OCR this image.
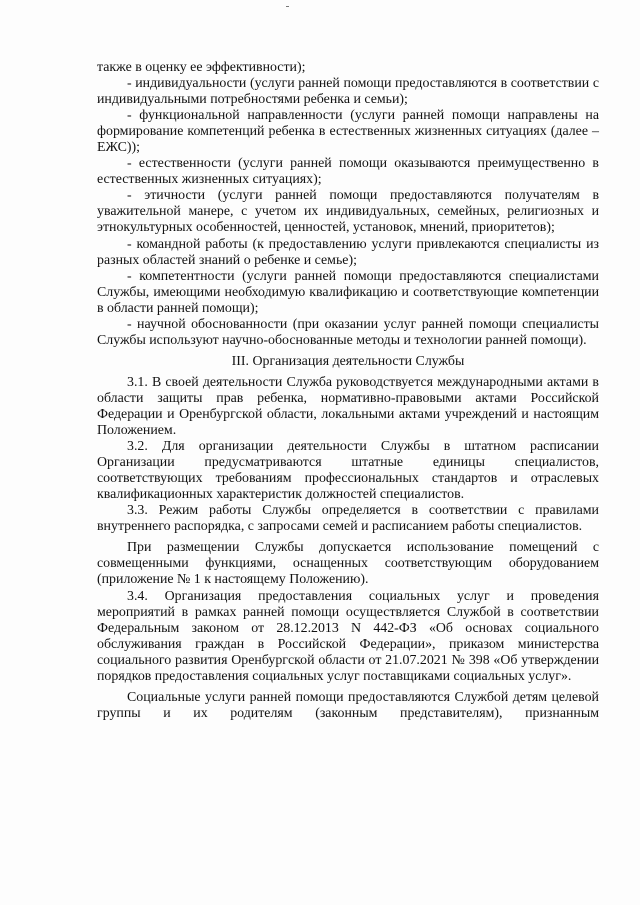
также в оценку ее эффективности);

- индивидуальности (услуги ранней помощи предоставляются в соответствии с индивидуальными потребностями ребенка и семьи);

- функциональной направленности (услуги ранней помощи направлены на формирование компетенций ребенка в естественных жизненных ситуациях (далее – ЕЖС));

- естественности (услуги ранней помощи оказываются преимущественно в естественных жизненных ситуациях);

- этичности (услуги ранней помощи предоставляются получателям в уважительной манере, с учетом их индивидуальных, семейных, религиозных и этнокультурных особенностей, ценностей, установок, мнений, приоритетов);

- командной работы (к предоставлению услуги привлекаются специалисты из разных областей знаний о ребенке и семье);

- компетентности (услуги ранней помощи предоставляются специалистами Службы, имеющими необходимую квалификацию и соответствующие компетенции в области ранней помощи);

- научной обоснованности (при оказании услуг ранней помощи специалисты Службы используют научно-обоснованные методы и технологии ранней помощи).

III. Организация деятельности Службы

3.1. В своей деятельности Служба руководствуется международными актами в области защиты прав ребенка, нормативно-правовыми актами Российской Федерации и Оренбургской области, локальными актами учреждений и настоящим Положением.

3.2. Для организации деятельности Службы в штатном расписании Организации предусматриваются штатные единицы специалистов, соответствующих требованиям профессиональных стандартов и отраслевых квалификационных характеристик должностей специалистов.

3.3. Режим работы Службы определяется в соответствии с правилами внутреннего распорядка, с запросами семей и расписанием работы специалистов.

При размещении Службы допускается использование помещений с совмещенными функциями, оснащенных соответствующим оборудованием (приложение № 1 к настоящему Положению).

3.4. Организация предоставления социальных услуг и проведения мероприятий в рамках ранней помощи осуществляется Службой в соответствии Федеральным законом от 28.12.2013 N 442-ФЗ «Об основах социального обслуживания граждан в Российской Федерации», приказом министерства социального развития Оренбургской области от 21.07.2021 № 398 «Об утверждении порядков предоставления социальных услуг поставщиками социальных услуг».

Социальные услуги ранней помощи предоставляются Службой детям целевой группы и их родителям (законным представителям), признанным
